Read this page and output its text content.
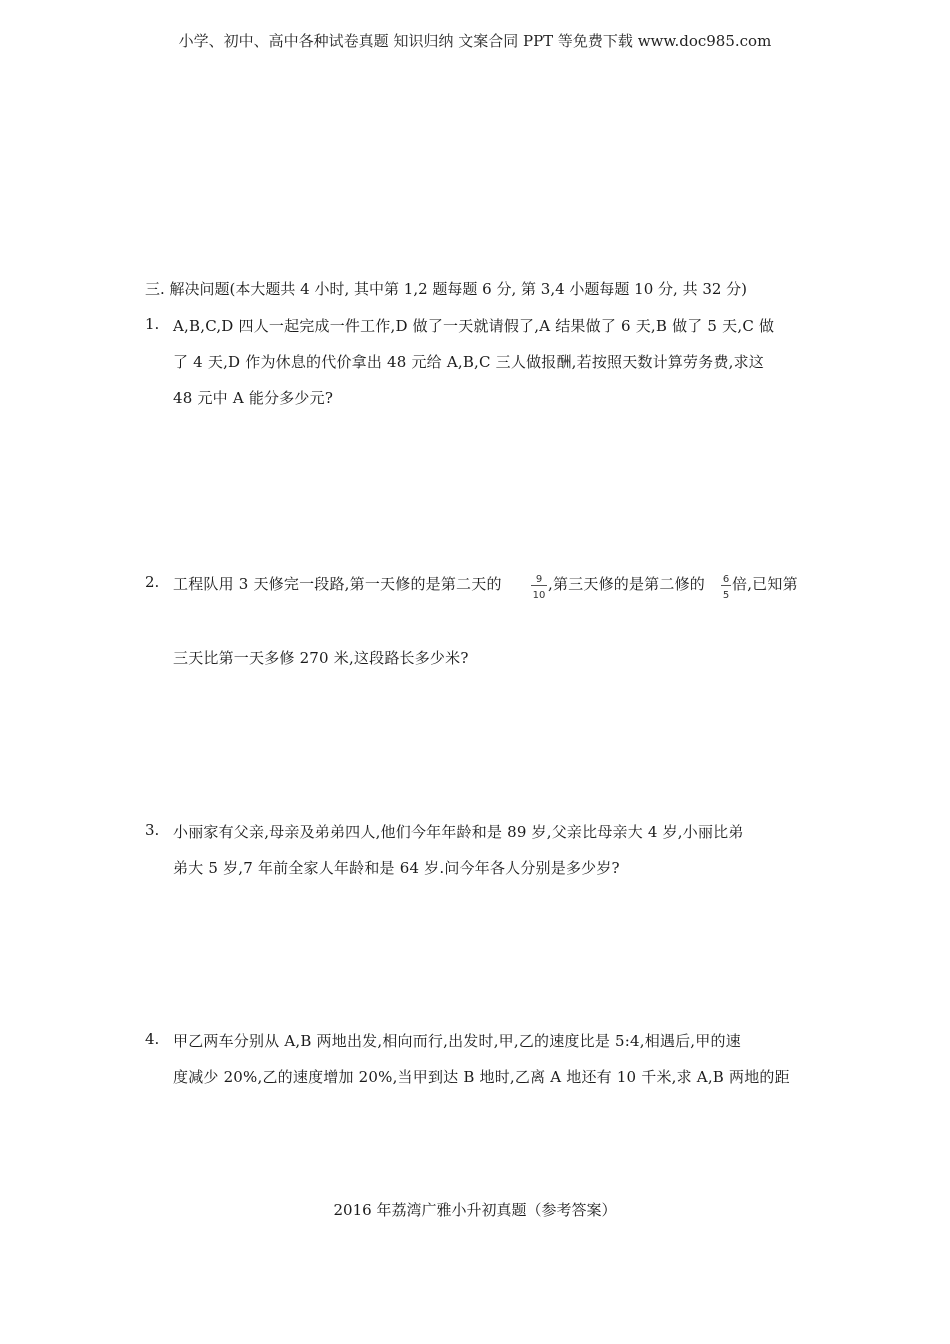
小学、初中、高中各种试卷真题 知识归纳 文案合同 PPT 等免费下载 www.doc985.com
三. 解决问题(本大题共 4 小时, 其中第 1,2 题每题 6 分, 第 3,4 小题每题 10 分, 共 32 分)
1. A,B,C,D 四人一起完成一件工作,D 做了一天就请假了,A 结果做了 6 天,B 做了 5 天,C 做
了 4 天,D 作为休息的代价拿出 48 元给 A,B,C 三人做报酬,若按照天数计算劳务费,求这
48 元中 A 能分多少元?
2. 工程队用 3 天修完一段路,第一天修的是第二天的	$\frac{9}{10}$ ,第三天修的是第二修的 $\frac{6}{5}$ 倍,已知第
三天比第一天多修 270 米,这段路长多少米?
3. 小丽家有父亲,母亲及弟弟四人,他们今年年龄和是 89 岁,父亲比母亲大 4 岁,小丽比弟
弟大 5 岁,7 年前全家人年龄和是 64 岁.问今年各人分别是多少岁?
4. 甲乙两车分别从 A,B 两地出发,相向而行,出发时,甲,乙的速度比是 5:4,相遇后,甲的速
度减少 20%,乙的速度增加 20%,当甲到达 B 地时,乙离 A 地还有 10 千米,求 A,B 两地的距
2016 年荔湾广雅小升初真题（参考答案）
